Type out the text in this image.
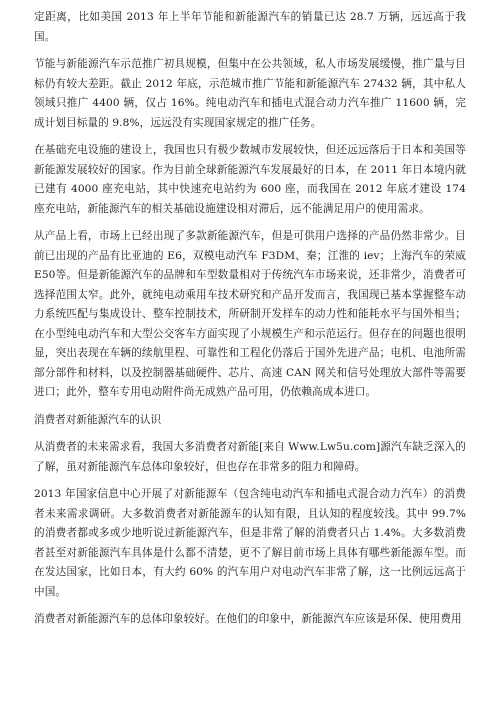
定距离，比如美国 2013 年上半年节能和新能源汽车的销量已达 28.7 万辆，远远高于我国。

节能与新能源汽车示范推广初具规模，但集中在公共领域，私人市场发展缓慢，推广量与目标仍有较大差距。截止 2012 年底，示范城市推广节能和新能源汽车 27432 辆，其中私人领域只推广 4400 辆，仅占 16%。纯电动汽车和插电式混合动力汽车推广 11600 辆，完成计划目标量的 9.8%，远远没有实现国家规定的推广任务。

在基础充电设施的建设上，我国也只有极少数城市发展较快，但还远远落后于日本和美国等新能源发展较好的国家。作为目前全球新能源汽车发展最好的日本，在 2011 年日本境内就已建有 4000 座充电站，其中快速充电站约为 600 座，而我国在 2012 年底才建设 174 座充电站，新能源汽车的相关基础设施建设相对滞后，远不能满足用户的使用需求。

从产品上看，市场上已经出现了多款新能源汽车，但是可供用户选择的产品仍然非常少。目前已出现的产品有比亚迪的 E6，双模电动汽车 F3DM、秦；江淮的 iev；上海汽车的荣威 E50等。但是新能源汽车的品牌和车型数量相对于传统汽车市场来说，还非常少，消费者可选择范围太窄。此外，就纯电动乘用车技术研究和产品开发而言，我国现已基本掌握整车动力系统匹配与集成设计、整车控制技术，所研制开发样车的动力性和能耗水平与国外相当；在小型纯电动汽车和大型公交客车方面实现了小规模生产和示范运行。但存在的问题也很明显，突出表现在车辆的续航里程、可靠性和工程化仍落后于国外先进产品；电机、电池所需部分部件和材料，以及控制器基础硬件、芯片、高速 CAN 网关和信号处理放大部件等需要进口；此外，整车专用电动附件尚无成熟产品可用，仍依赖高成本进口。

消费者对新能源汽车的认识

从消费者的未来需求看，我国大多消费者对新能[来自 Www.Lw5u.com]源汽车缺乏深入的了解，虽对新能源汽车总体印象较好，但也存在非常多的阻力和障碍。

2013 年国家信息中心开展了对新能源车（包含纯电动汽车和插电式混合动力汽车）的消费者未来需求调研。大多数消费者对新能源车的认知有限，且认知的程度较浅。其中 99.7% 的消费者都或多或少地听说过新能源汽车，但是非常了解的消费者只占 1.4%。大多数消费者甚至对新能源汽车具体是什么都不清楚，更不了解目前市场上具体有哪些新能源车型。而在发达国家，比如日本，有大约 60% 的汽车用户对电动汽车非常了解，这一比例远远高于中国。

消费者对新能源汽车的总体印象较好。在他们的印象中，新能源汽车应该是环保、使用费用
